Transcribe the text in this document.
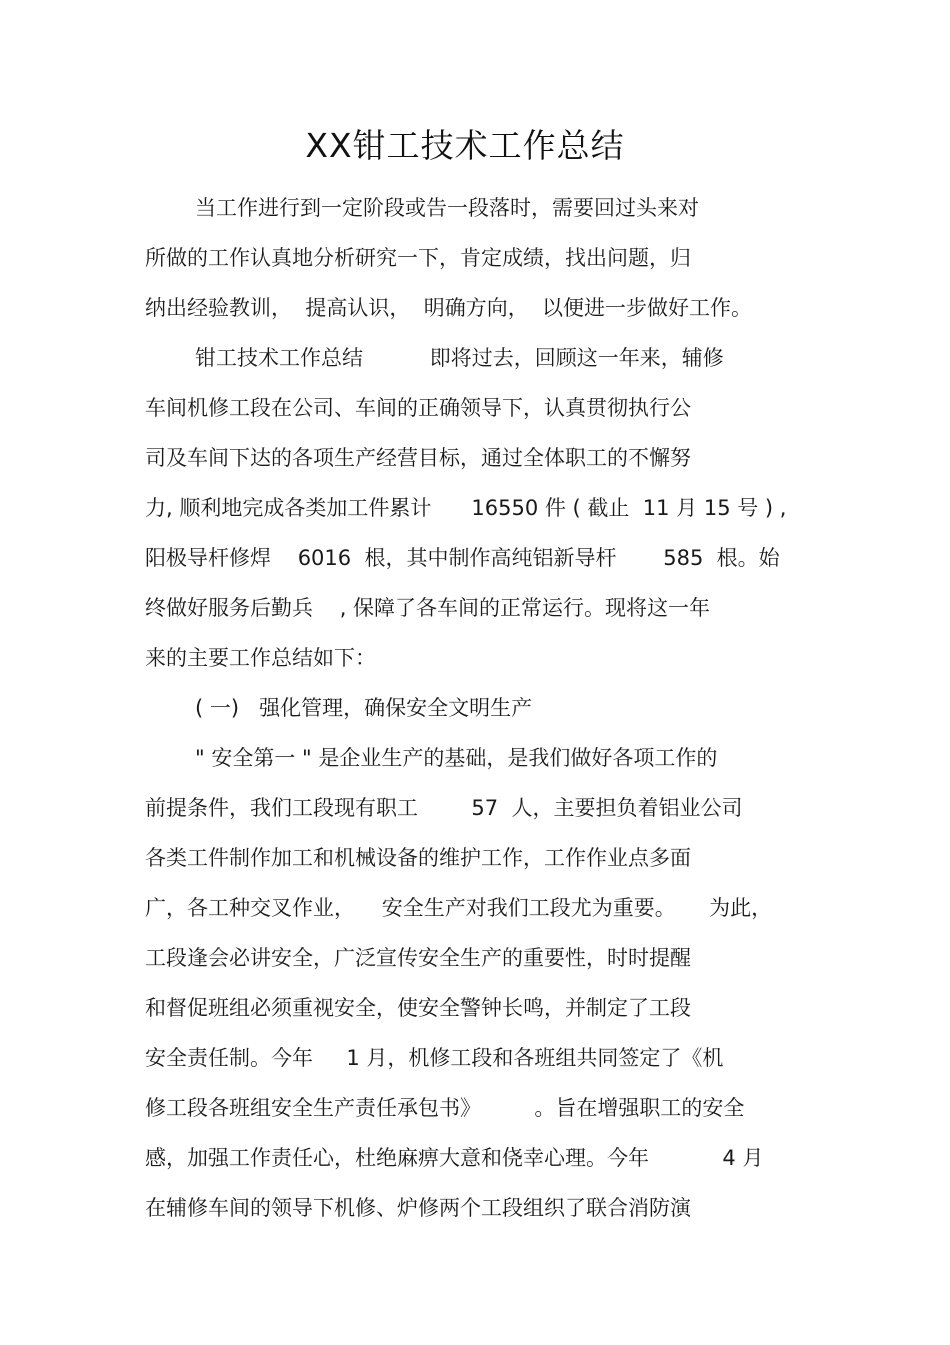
XX钳工技术工作总结
当工作进行到一定阶段或告一段落时，需要回过头来对
所做的工作认真地分析研究一下，肯定成绩，找出问题，归
纳出经验教训，  提高认识，  明确方向，  以便进一步做好工作。
钳工技术工作总结          即将过去，回顾这一年来，辅修
车间机修工段在公司、车间的正确领导下，认真贯彻执行公
司及车间下达的各项生产经营目标，通过全体职工的不懈努
力, 顺利地完成各类加工件累计      16550 件 ( 截止  11 月 15 号 ) ,
阳极导杆修焊    6016  根，其中制作高纯铝新导杆       585  根。始
终做好服务后勤兵    , 保障了各车间的正常运行。现将这一年
来的主要工作总结如下：
( 一)   强化管理，确保安全文明生产
" 安全第一 " 是企业生产的基础，是我们做好各项工作的
前提条件，我们工段现有职工        57  人，主要担负着铝业公司
各类工件制作加工和机械设备的维护工作，工作作业点多面
广，各工种交叉作业，    安全生产对我们工段尤为重要。     为此，
工段逢会必讲安全，广泛宣传安全生产的重要性，时时提醒
和督促班组必须重视安全，使安全警钟长鸣，并制定了工段
安全责任制。今年     1 月，机修工段和各班组共同签定了《机
修工段各班组安全生产责任承包书》        。旨在增强职工的安全
感，加强工作责任心，杜绝麻痹大意和侥幸心理。今年           4 月
在辅修车间的领导下机修、炉修两个工段组织了联合消防演
